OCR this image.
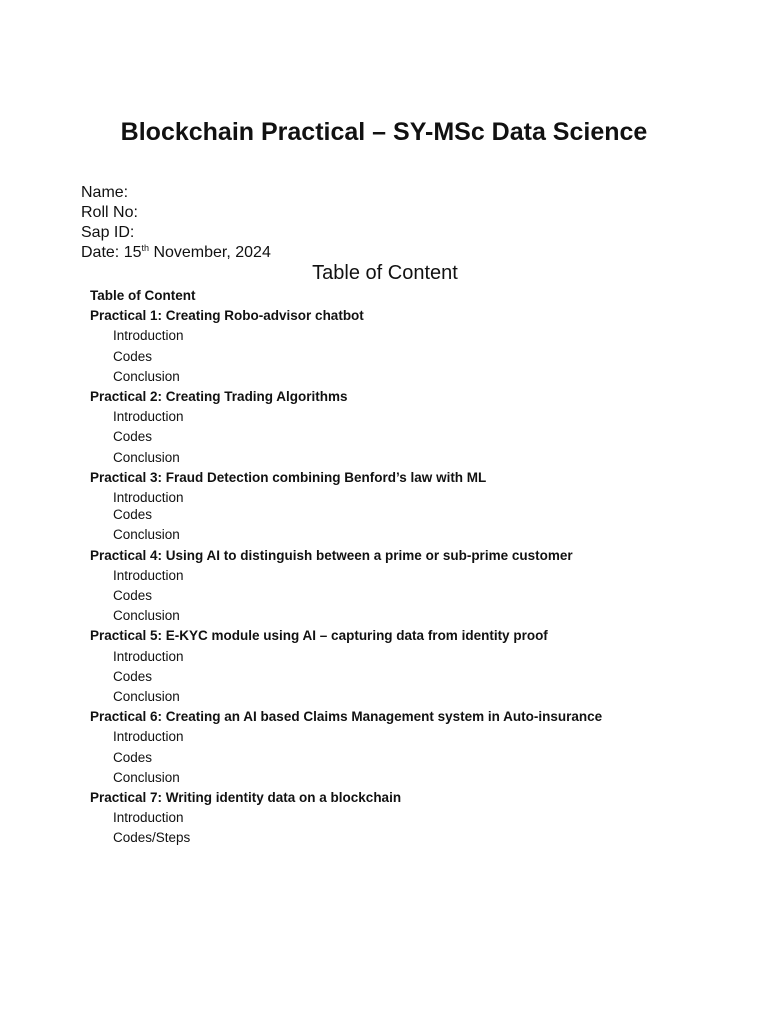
Blockchain Practical – SY-MSc Data Science
Name:
Roll No:
Sap ID:
Date: 15th November, 2024
Table of Content
Table of Content
Practical 1: Creating Robo-advisor chatbot
Introduction
Codes
Conclusion
Practical 2: Creating Trading Algorithms
Introduction
Codes
Conclusion
Practical 3: Fraud Detection combining Benford’s law with ML
Introduction
Codes
Conclusion
Practical 4: Using AI to distinguish between a prime or sub-prime customer
Introduction
Codes
Conclusion
Practical 5: E-KYC module using AI – capturing data from identity proof
Introduction
Codes
Conclusion
Practical 6: Creating an AI based Claims Management system in Auto-insurance
Introduction
Codes
Conclusion
Practical 7: Writing identity data on a blockchain
Introduction
Codes/Steps
